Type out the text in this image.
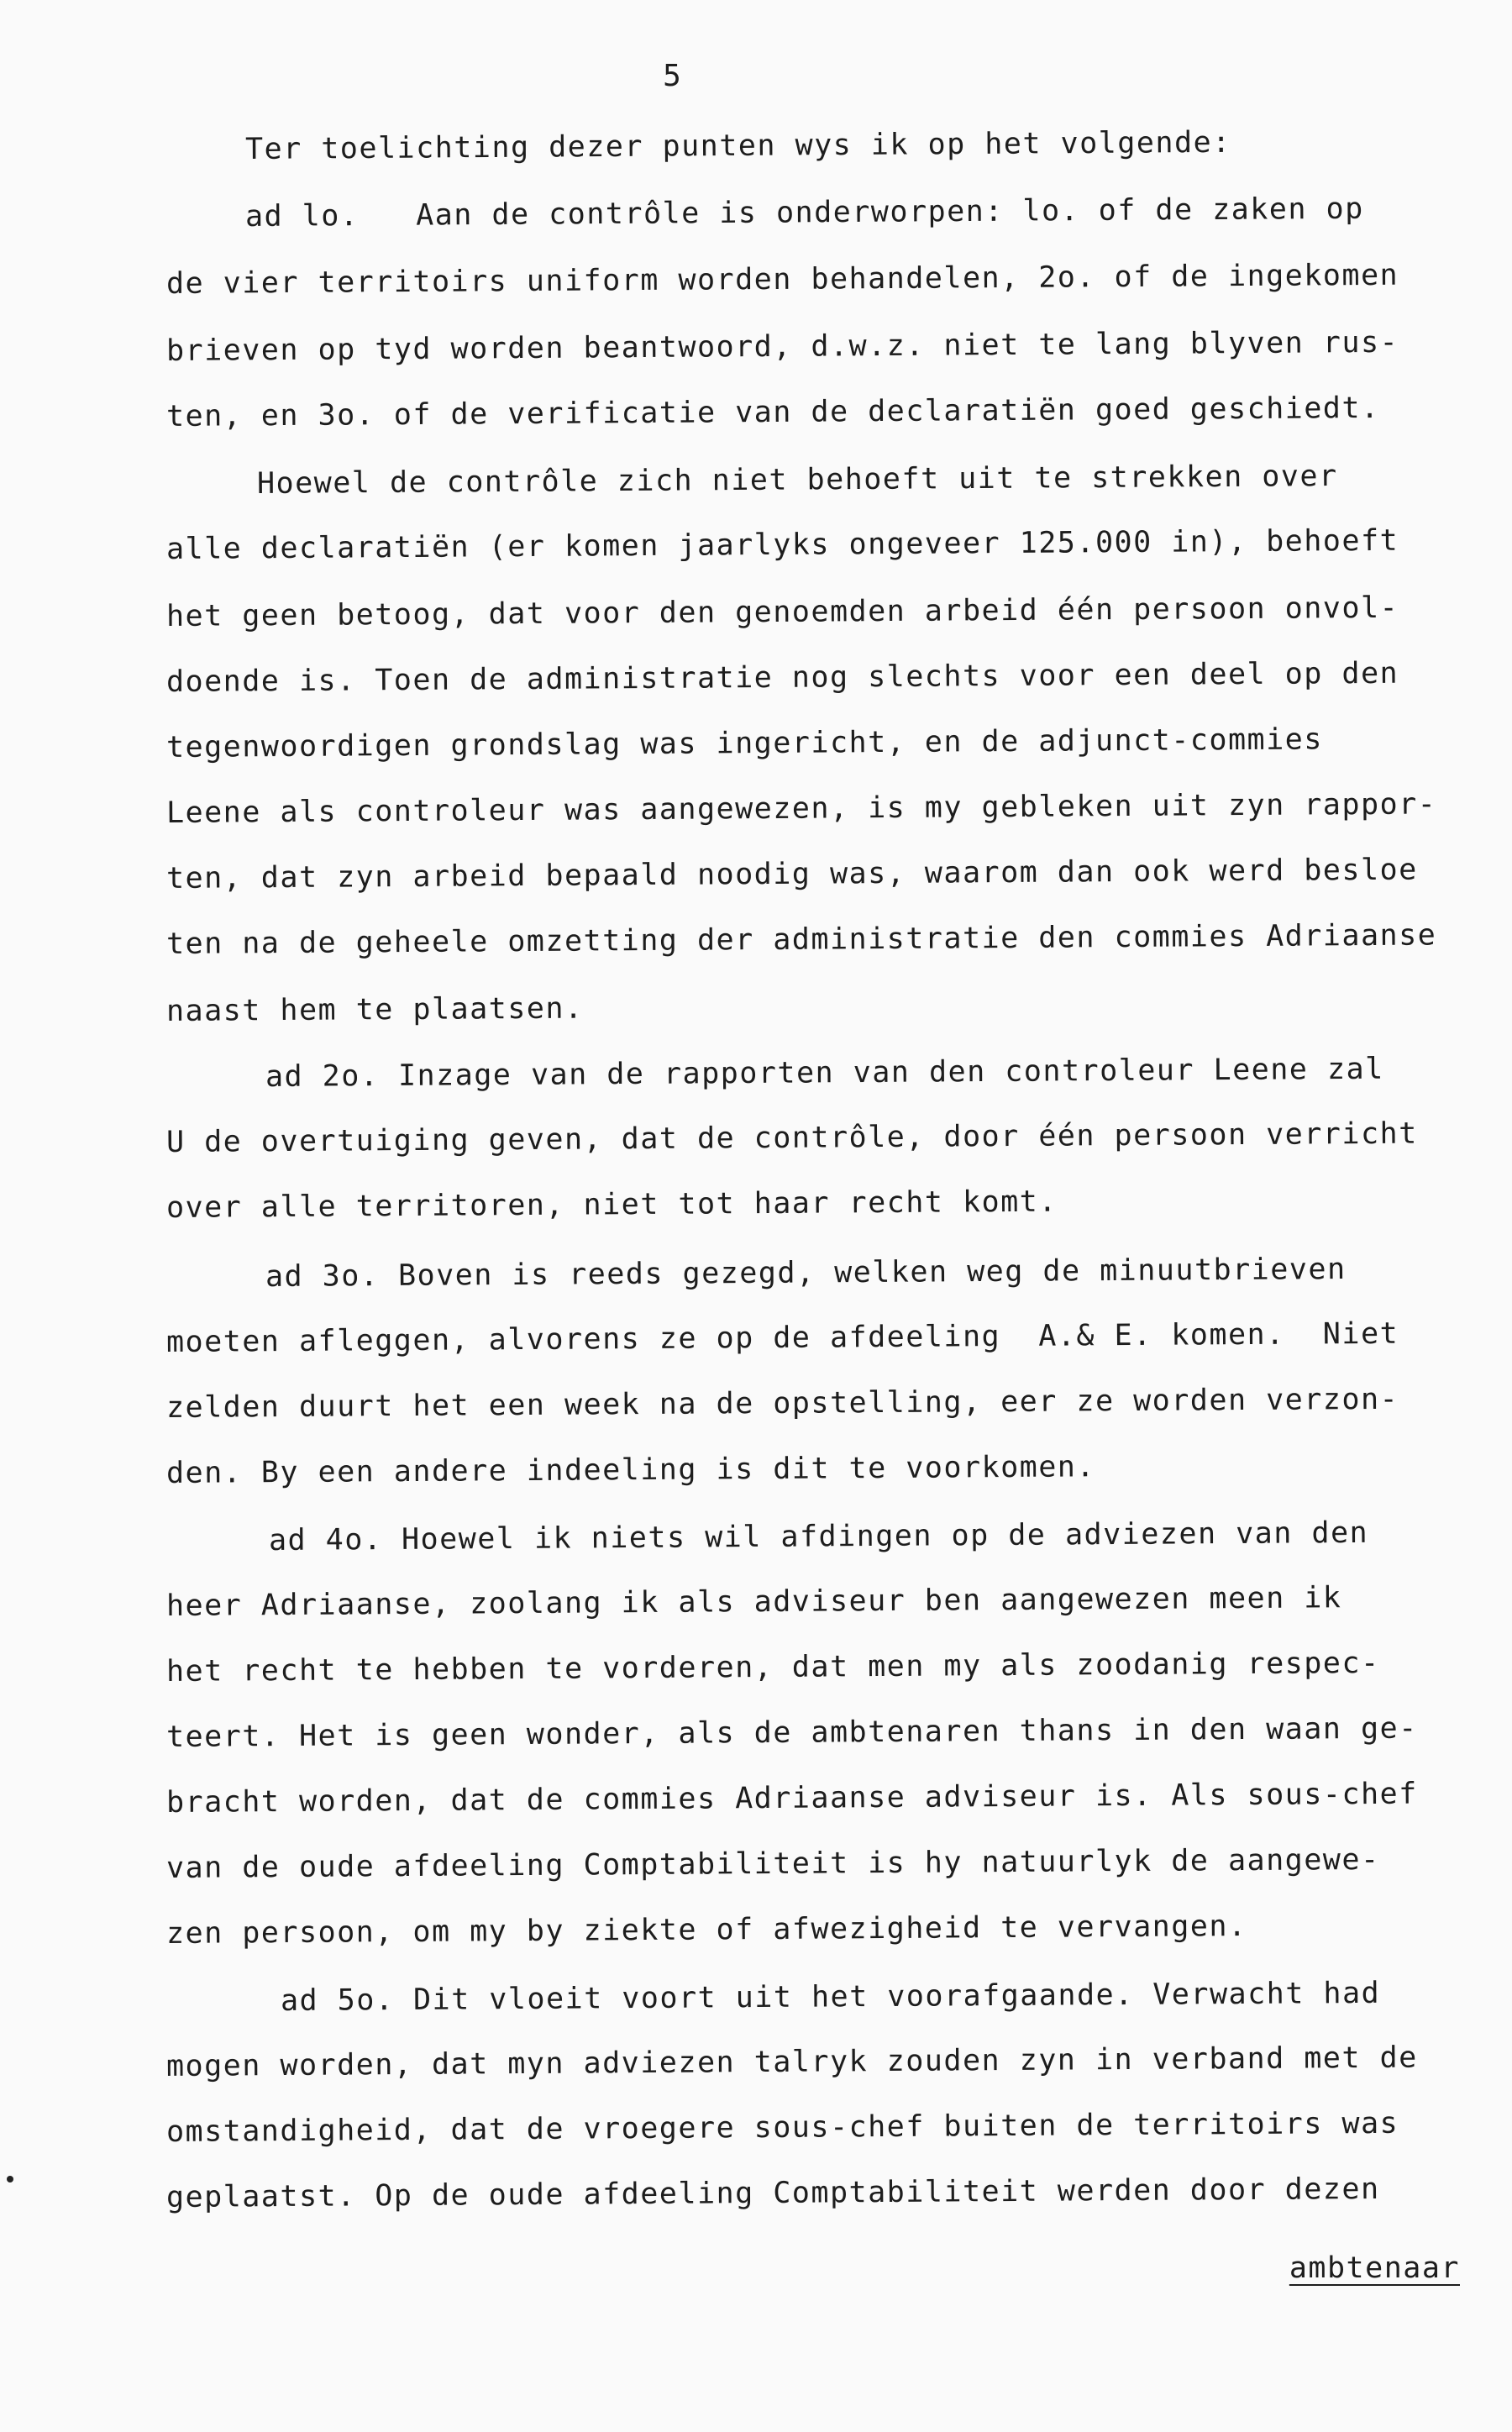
5
Ter toelichting dezer punten wys ik op het volgende:
ad lo.   Aan de contrôle is onderworpen: lo. of de zaken op
de vier territoirs uniform worden behandelen, 2o. of de ingekomen
brieven op tyd worden beantwoord, d.w.z. niet te lang blyven rus-
ten, en 3o. of de verificatie van de declaratiën goed geschiedt.
Hoewel de contrôle zich niet behoeft uit te strekken over
alle declaratiën (er komen jaarlyks ongeveer 125.000 in), behoeft
het geen betoog, dat voor den genoemden arbeid één persoon onvol-
doende is. Toen de administratie nog slechts voor een deel op den
tegenwoordigen grondslag was ingericht, en de adjunct-commies
Leene als controleur was aangewezen, is my gebleken uit zyn rappor-
ten, dat zyn arbeid bepaald noodig was, waarom dan ook werd besloe
ten na de geheele omzetting der administratie den commies Adriaanse
naast hem te plaatsen.
ad 2o. Inzage van de rapporten van den controleur Leene zal
U de overtuiging geven, dat de contrôle, door één persoon verricht
over alle territoren, niet tot haar recht komt.
ad 3o. Boven is reeds gezegd, welken weg de minuutbrieven
moeten afleggen, alvorens ze op de afdeeling  A.& E. komen.  Niet
zelden duurt het een week na de opstelling, eer ze worden verzon-
den. By een andere indeeling is dit te voorkomen.
ad 4o. Hoewel ik niets wil afdingen op de adviezen van den
heer Adriaanse, zoolang ik als adviseur ben aangewezen meen ik
het recht te hebben te vorderen, dat men my als zoodanig respec-
teert. Het is geen wonder, als de ambtenaren thans in den waan ge-
bracht worden, dat de commies Adriaanse adviseur is. Als sous-chef
van de oude afdeeling Comptabiliteit is hy natuurlyk de aangewe-
zen persoon, om my by ziekte of afwezigheid te vervangen.
ad 5o. Dit vloeit voort uit het voorafgaande. Verwacht had
mogen worden, dat myn adviezen talryk zouden zyn in verband met de
omstandigheid, dat de vroegere sous-chef buiten de territoirs was
geplaatst. Op de oude afdeeling Comptabiliteit werden door dezen
ambtenaar
